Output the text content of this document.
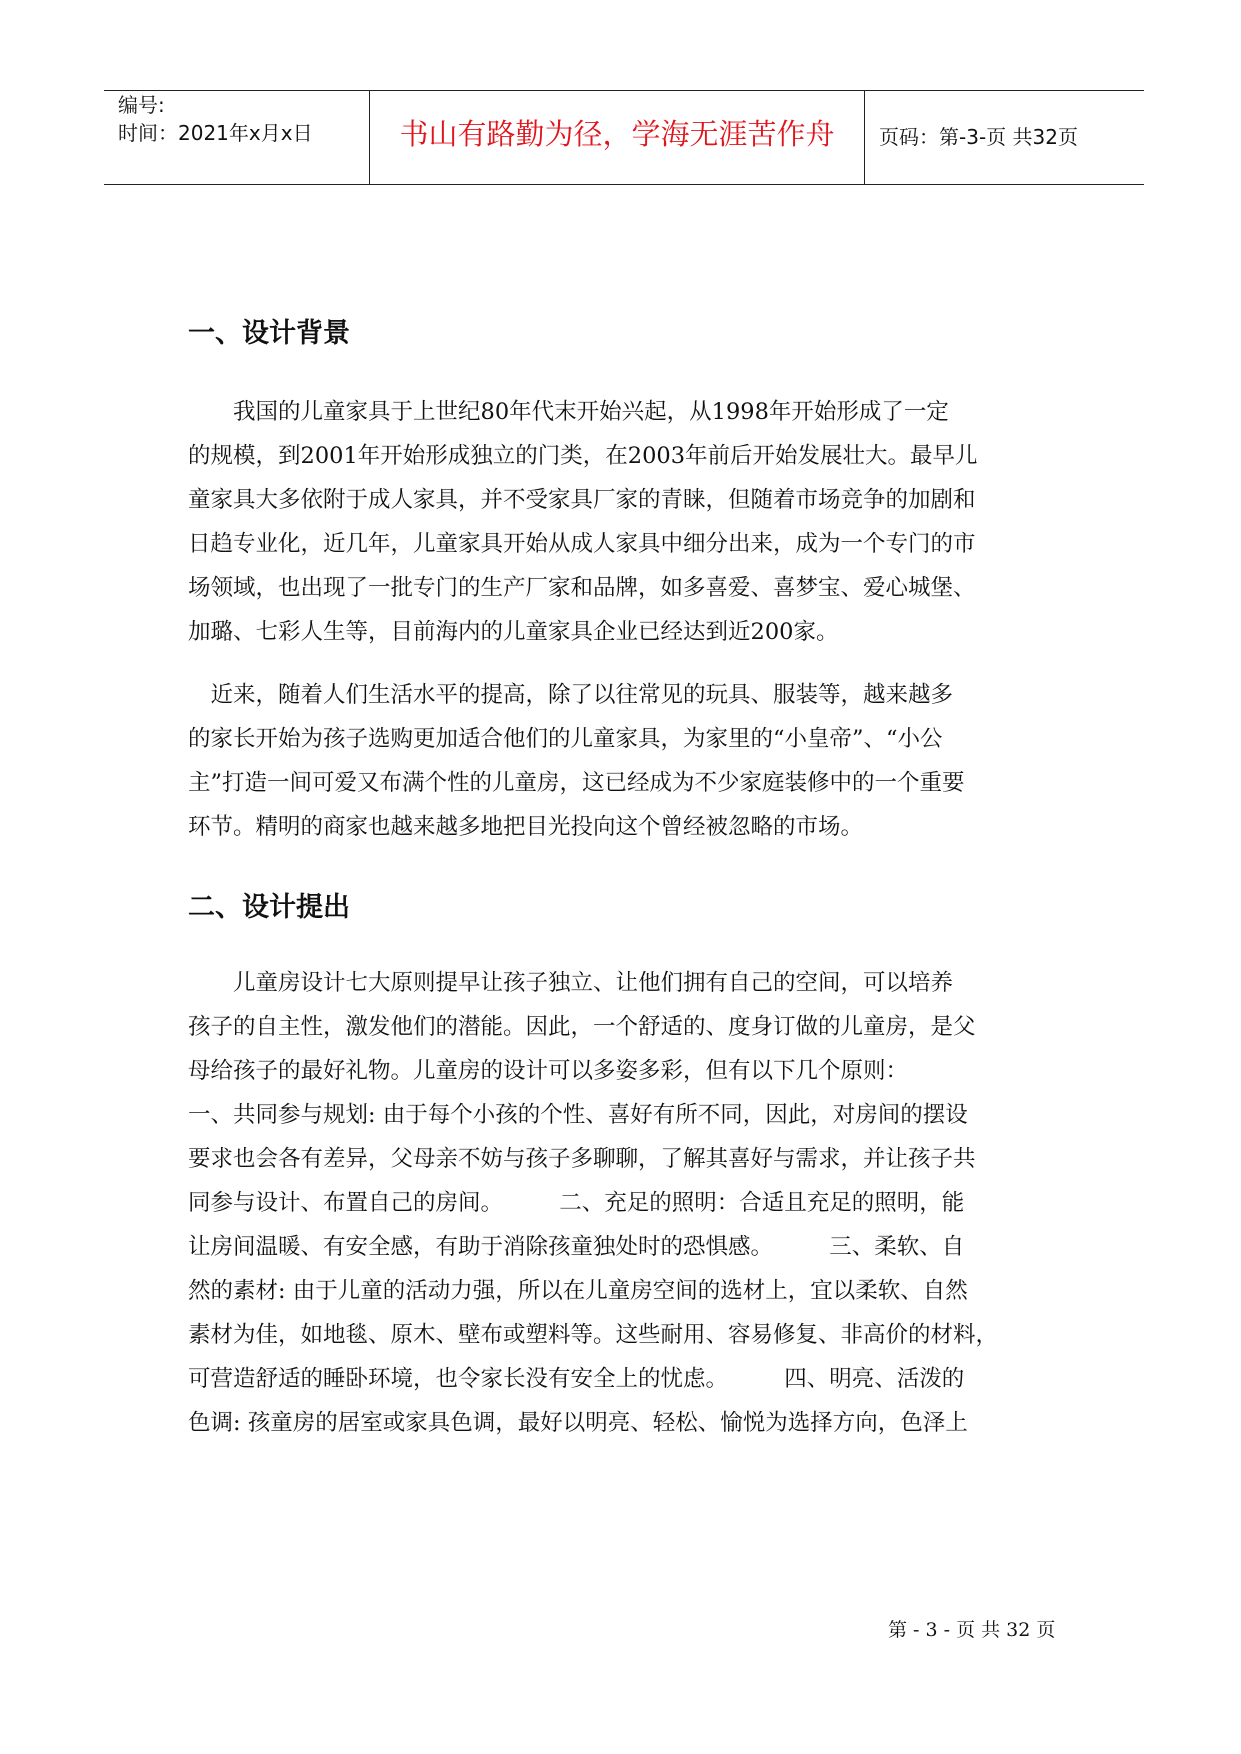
编号:
时间：2021年x月x日	书山有路勤为径，学海无涯苦作舟	页码：第-3-页 共32页
一、设计背景
　　我国的儿童家具于上世纪80年代末开始兴起，从1998年开始形成了一定
的规模，到2001年开始形成独立的门类，在2003年前后开始发展壮大。最早儿
童家具大多依附于成人家具，并不受家具厂家的青睐，但随着市场竞争的加剧和
日趋专业化，近几年，儿童家具开始从成人家具中细分出来，成为一个专门的市
场领域，也出现了一批专门的生产厂家和品牌，如多喜爱、喜梦宝、爱心城堡、
加璐、七彩人生等，目前海内的儿童家具企业已经达到近200家。
　近来，随着人们生活水平的提高，除了以往常见的玩具、服装等，越来越多
的家长开始为孩子选购更加适合他们的儿童家具，为家里的“小皇帝”、“小公
主”打造一间可爱又布满个性的儿童房，这已经成为不少家庭装修中的一个重要
环节。精明的商家也越来越多地把目光投向这个曾经被忽略的市场。
二、设计提出
　　儿童房设计七大原则提早让孩子独立、让他们拥有自己的空间，可以培养
孩子的自主性，激发他们的潜能。因此，一个舒适的、度身订做的儿童房，是父
母给孩子的最好礼物。儿童房的设计可以多姿多彩，但有以下几个原则：
一、共同参与规划: 由于每个小孩的个性、喜好有所不同，因此，对房间的摆设
要求也会各有差异，父母亲不妨与孩子多聊聊，了解其喜好与需求，并让孩子共
同参与设计、布置自己的房间。　　　二、充足的照明：合适且充足的照明，能
让房间温暖、有安全感，有助于消除孩童独处时的恐惧感。　　　三、柔软、自
然的素材: 由于儿童的活动力强，所以在儿童房空间的选材上，宜以柔软、自然
素材为佳，如地毯、原木、壁布或塑料等。这些耐用、容易修复、非高价的材料，
可营造舒适的睡卧环境，也令家长没有安全上的忧虑。　　　四、明亮、活泼的
色调: 孩童房的居室或家具色调，最好以明亮、轻松、愉悦为选择方向，色泽上
第 - 3 - 页 共 32 页
